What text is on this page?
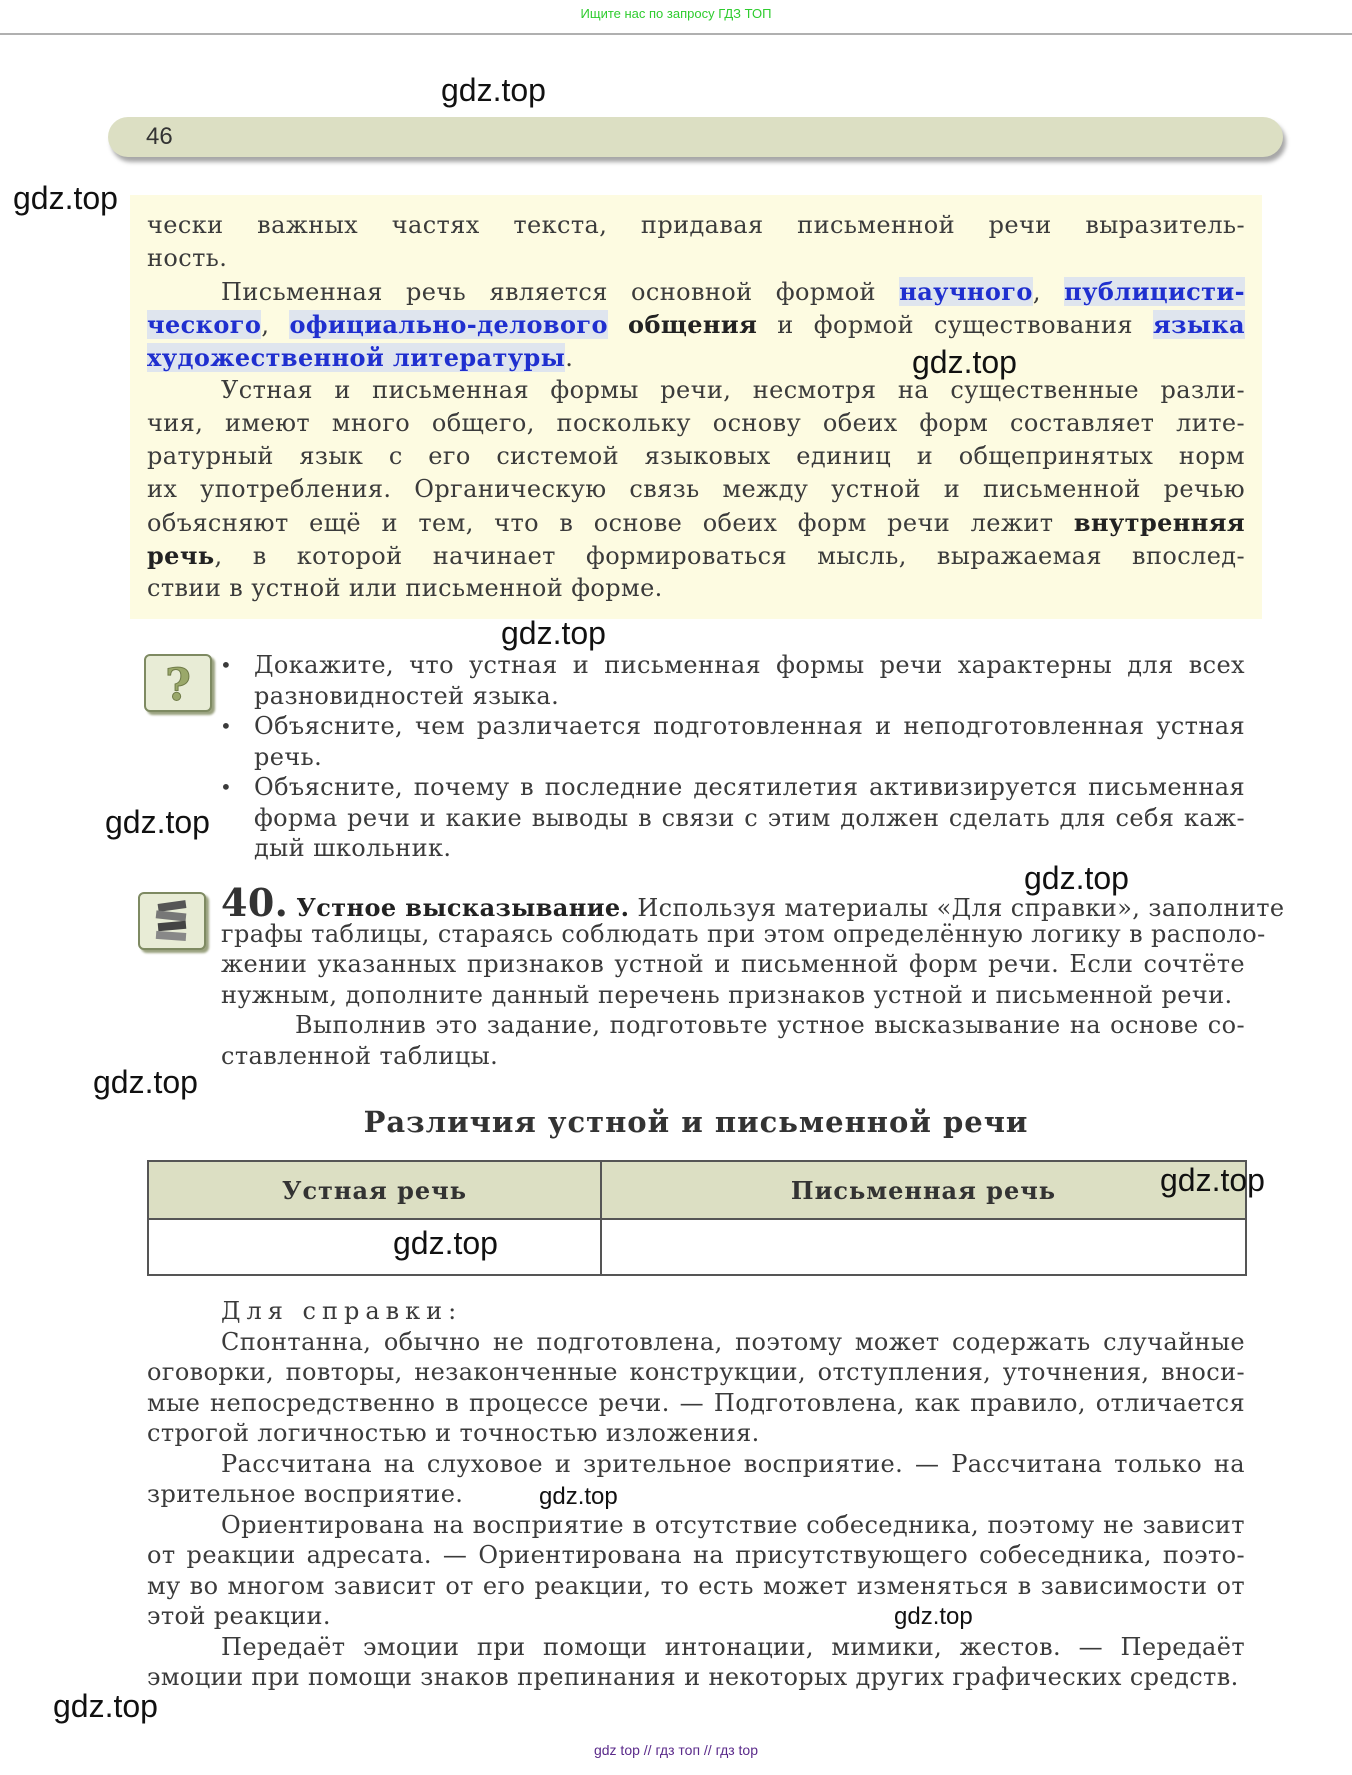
Ищите нас по запросу ГДЗ ТОП
46
чески важных частях текста, придавая письменной речи выразитель-
ность.
Письменная речь является основной формой научного, публицисти-
ческого, официально-делового общения и формой существования языка
художественной литературы.
Устная и письменная формы речи, несмотря на существенные разли-
чия, имеют много общего, поскольку основу обеих форм составляет лите-
ратурный язык с его системой языковых единиц и общепринятых норм
их употребления. Органическую связь между устной и письменной речью
объясняют ещё и тем, что в основе обеих форм речи лежит внутренняя
речь, в которой начинает формироваться мысль, выражаемая впослед-
ствии в устной или письменной форме.
? • Докажите, что устная и письменная формы речи характерны для всех
разновидностей языка.
• Объясните, чем различается подготовленная и неподготовленная устная
речь.
• Объясните, почему в последние десятилетия активизируется письменная
форма речи и какие выводы в связи с этим должен сделать для себя каж-
дый школьник.
40. Устное высказывание. Используя материалы «Для справки», заполните
графы таблицы, стараясь соблюдать при этом определённую логику в располо-
жении указанных признаков устной и письменной форм речи. Если сочтёте
нужным, дополните данный перечень признаков устной и письменной речи.
Выполнив это задание, подготовьте устное высказывание на основе со-
ставленной таблицы.
Различия устной и письменной речи
Устная речь	Письменная речь

Для справки:
Спонтанна, обычно не подготовлена, поэтому может содержать случайные
оговорки, повторы, незаконченные конструкции, отступления, уточнения, вноси-
мые непосредственно в процессе речи. — Подготовлена, как правило, отличается
строгой логичностью и точностью изложения.
Рассчитана на слуховое и зрительное восприятие. — Рассчитана только на
зрительное восприятие.
Ориентирована на восприятие в отсутствие собеседника, поэтому не зависит
от реакции адресата. — Ориентирована на присутствующего собеседника, поэто-
му во многом зависит от его реакции, то есть может изменяться в зависимости от
этой реакции.
Передаёт эмоции при помощи интонации, мимики, жестов. — Передаёт
эмоции при помощи знаков препинания и некоторых других графических средств.
gdz.top
gdz.top
gdz.top
gdz.top
gdz.top
gdz.top
gdz.top
gdz.top
gdz.top
gdz.top
gdz.top
gdz.top
gdz top // гдз топ // гдз top
